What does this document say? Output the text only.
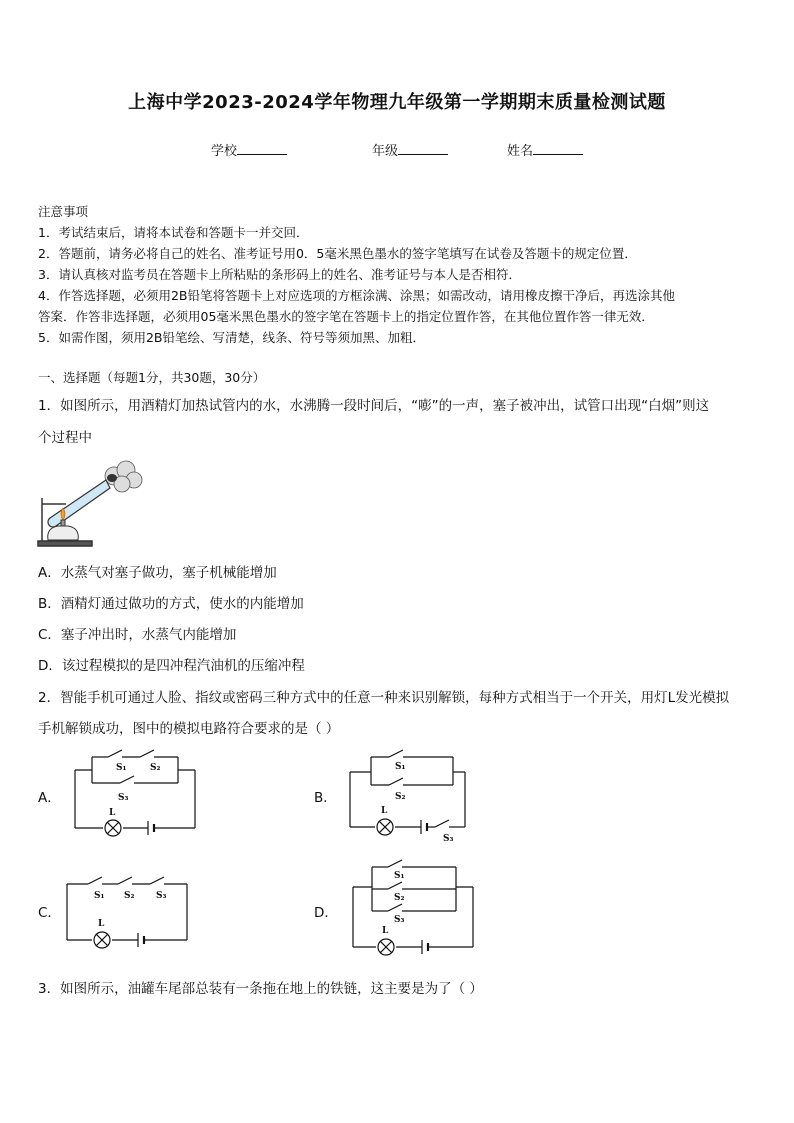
上海中学2023-2024学年物理九年级第一学期期末质量检测试题
学校	年级	姓名
注意事项
1．考试结束后，请将本试卷和答题卡一并交回．
2．答题前，请务必将自己的姓名、准考证号用0．5毫米黑色墨水的签字笔填写在试卷及答题卡的规定位置．
3．请认真核对监考员在答题卡上所粘贴的条形码上的姓名、准考证号与本人是否相符．
4．作答选择题，必须用2B铅笔将答题卡上对应选项的方框涂满、涂黑；如需改动，请用橡皮擦干净后，再选涂其他
答案．作答非选择题，必须用05毫米黑色墨水的签字笔在答题卡上的指定位置作答，在其他位置作答一律无效．
5．如需作图，须用2B铅笔绘、写清楚，线条、符号等须加黑、加粗．
一、选择题（每题1分，共30题，30分）
1．如图所示，用酒精灯加热试管内的水，水沸腾一段时间后，“嘭”的一声，塞子被冲出，试管口出现“白烟”则这
个过程中
A．水蒸气对塞子做功，塞子机械能增加
B．酒精灯通过做功的方式，使水的内能增加
C．塞子冲出时，水蒸气内能增加
D．该过程模拟的是四冲程汽油机的压缩冲程
2．智能手机可通过人脸、指纹或密码三种方式中的任意一种来识别解锁，每种方式相当于一个开关，用灯L发光模拟
手机解锁成功，图中的模拟电路符合要求的是（ ）
A．	B．
C．	D．
S₁	S₂
S₃
L
S₁
S₂
L
S₃
S₁ S₂ S₃
L
S₁
S₂
S₃
L
3．如图所示，油罐车尾部总装有一条拖在地上的铁链，这主要是为了（ ）
